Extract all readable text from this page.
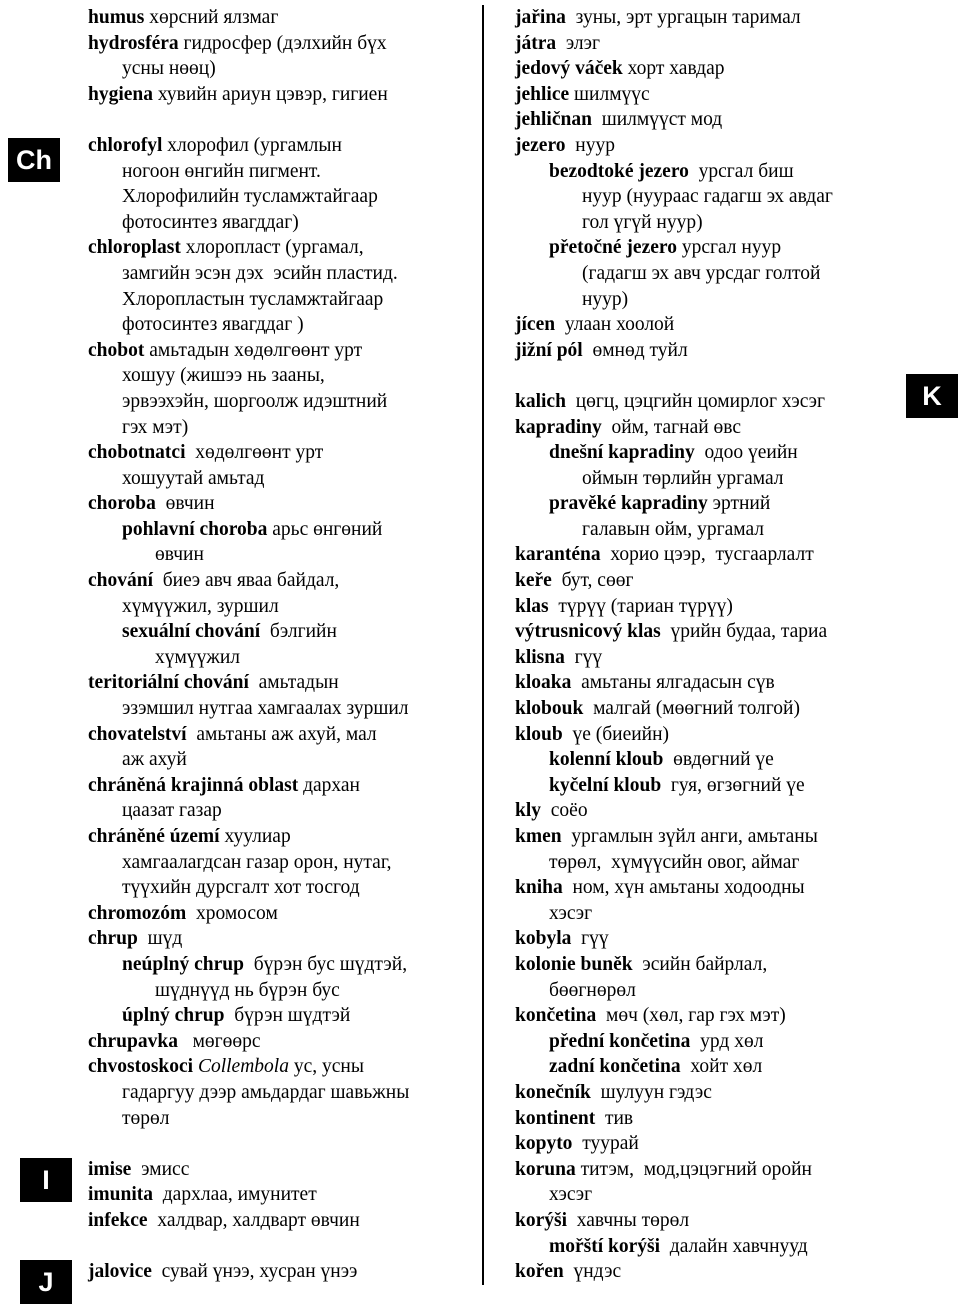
Ch
I
J
K
humus хөрсний ялзмаг
hydrosféra гидросфер (дэлхийн бүх
усны нөөц)
hygiena хувийн ариун цэвэр, гигиен
chlorofyl хлорофил (ургамлын
ногоон өнгийн пигмент.
Хлорофилийн тусламжтайгаар
фотосинтез явагддаг)
chloroplast хлоропласт (ургамал,
замгийн эсэн дэх  эсийн пластид.
Хлоропластын тусламжтайгаар
фотосинтез явагддаг )
chobot амьтадын хөдөлгөөнт урт
хошуу (жишээ нь зааны,
эрвээхэйн, шоргоолж идэштний
гэх мэт)
chobotnatci  хөдөлгөөнт урт
хошуутай амьтад
choroba  өвчин
pohlavní choroba арьс өнгөний
өвчин
chování  биеэ авч яваа байдал,
хүмүүжил, зуршил
sexuální chování  бэлгийн
хүмүүжил
teritoriální chování  амьтадын
эзэмшил нутгаа хамгаалах зуршил
chovatelství  амьтаны аж ахуй, мал
аж ахуй
chráněná krajinná oblast дархан
цаазат газар
chráněné území хуулиар
хамгаалагдсан газар орон, нутаг,
түүхийн дурсгалт хот тосгод
chromozóm  хромосом
chrup  шүд
neúplný chrup  бүрэн бус шүдтэй,
шүднүүд нь бүрэн бус
úplný chrup  бүрэн шүдтэй
chrupavka   мөгөөрс
chvostoskoci Collembola ус, усны
гадаргуу дээр амьдардаг шавьжны
төрөл
imise  эмисс
imunita  дархлаа, имунитет
infekce  халдвар, халдварт өвчин
jalovice  сувай үнээ, хусран үнээ
jařina  зуны, эрт ургацын таримал
játra  элэг
jedový váček хорт хавдар
jehlice шилмүүс
jehličnan  шилмүүст мод
jezero  нуур
bezodtoké jezero  урсгал биш
нуур (нуураас гадагш эх авдаг
гол үгүй нуур)
přetočné jezero урсгал нуур
(гадагш эх авч урсдаг голтой
нуур)
jícen  улаан хоолой
jižní pól  өмнөд туйл
kalich  цөгц, цэцгийн цомирлог хэсэг
kapradiny  ойм, тагнай өвс
dnešní kapradiny  одоо үеийн
оймын төрлийн ургамал
pravěké kapradiny эртний
галавын ойм, ургамал
karanténa  хорио цээр,  тусгаарлалт
keře  бут, сөөг
klas  түрүү (тариан түрүү)
výtrusnicový klas  үрийн будаа, тариа
klisna  гүү
kloaka  амьтаны ялгадасын сүв
klobouk  малгай (мөөгний толгой)
kloub  үе (биеийн)
kolenní kloub  өвдөгний үе
kyčelní kloub  гуя, өгзөгний үе
kly  соёо
kmen  ургамлын зүйл анги, амьтаны
төрөл,  хүмүүсийн овог, аймаг
kniha  ном, хүн амьтаны ходоодны
хэсэг
kobyla  гүү
kolonie buněk  эсийн байрлал,
бөөгнөрөл
končetina  мөч (хөл, гар гэх мэт)
přední končetina  урд хөл
zadní končetina  хойт хөл
konečník  шулуун гэдэс
kontinent  тив
kopyto  туурай
koruna титэм,  мод,цэцэгний оройн
хэсэг
korýši  хавчны төрөл
mořští korýši  далайн хавчнууд
kořen  үндэс
